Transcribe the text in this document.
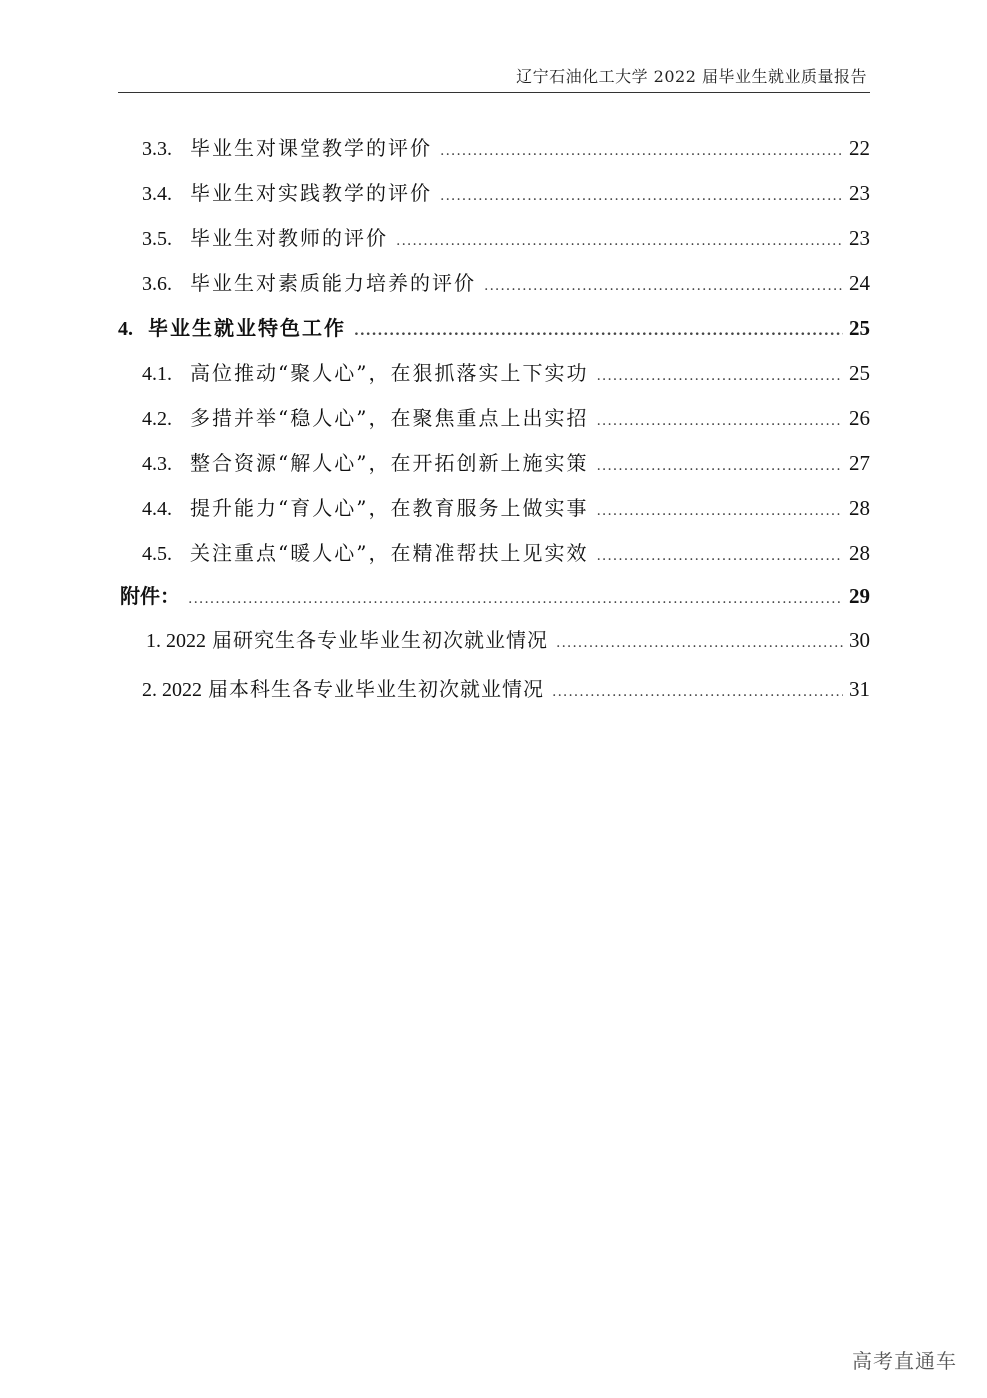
辽宁石油化工大学 2022 届毕业生就业质量报告
3.3. 毕业生对课堂教学的评价 .....	22
3.4. 毕业生对实践教学的评价 .....	23
3.5. 毕业生对教师的评价 .....	23
3.6. 毕业生对素质能力培养的评价 .....	24
4. 毕业生就业特色工作 .....	25
4.1. 高位推动“聚人心”，在狠抓落实上下实功 .....	25
4.2. 多措并举“稳人心”，在聚焦重点上出实招 .....	26
4.3. 整合资源“解人心”，在开拓创新上施实策 .....	27
4.4. 提升能力“育人心”，在教育服务上做实事 .....	28
4.5. 关注重点“暖人心”，在精准帮扶上见实效 .....	28
附件： .....	29
1. 2022 届研究生各专业毕业生初次就业情况 .....	30
2. 2022 届本科生各专业毕业生初次就业情况 .....	31
高考直通车
